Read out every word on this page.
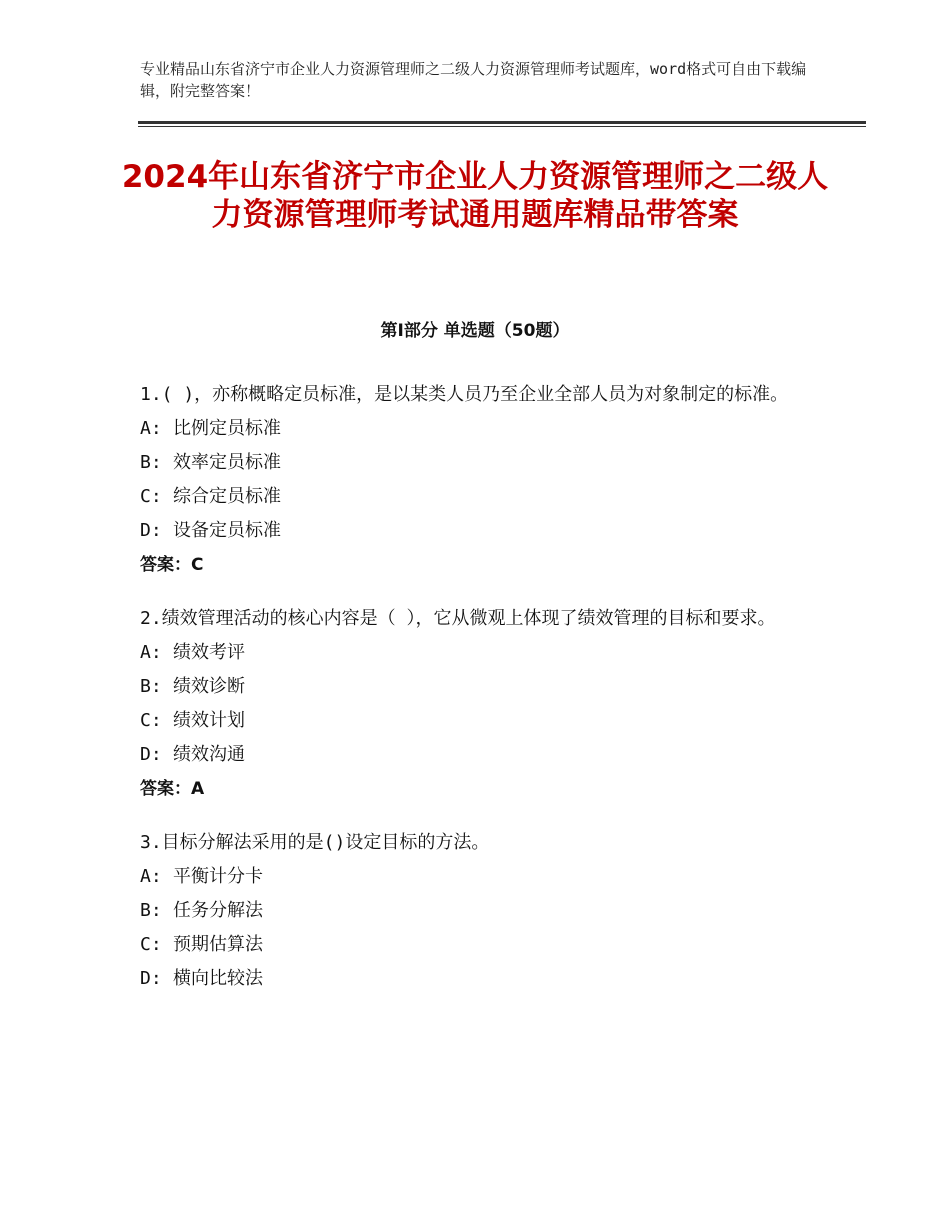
专业精品山东省济宁市企业人力资源管理师之二级人力资源管理师考试题库，word格式可自由下载编辑，附完整答案！
2024年山东省济宁市企业人力资源管理师之二级人力资源管理师考试通用题库精品带答案
第Ⅰ部分 单选题（50题）
1.( )，亦称概略定员标准，是以某类人员乃至企业全部人员为对象制定的标准。
A: 比例定员标准
B: 效率定员标准
C: 综合定员标准
D: 设备定员标准
答案：C
2.绩效管理活动的核心内容是（ ），它从微观上体现了绩效管理的目标和要求。
A: 绩效考评
B: 绩效诊断
C: 绩效计划
D: 绩效沟通
答案：A
3.目标分解法采用的是()设定目标的方法。
A: 平衡计分卡
B: 任务分解法
C: 预期估算法
D: 横向比较法
